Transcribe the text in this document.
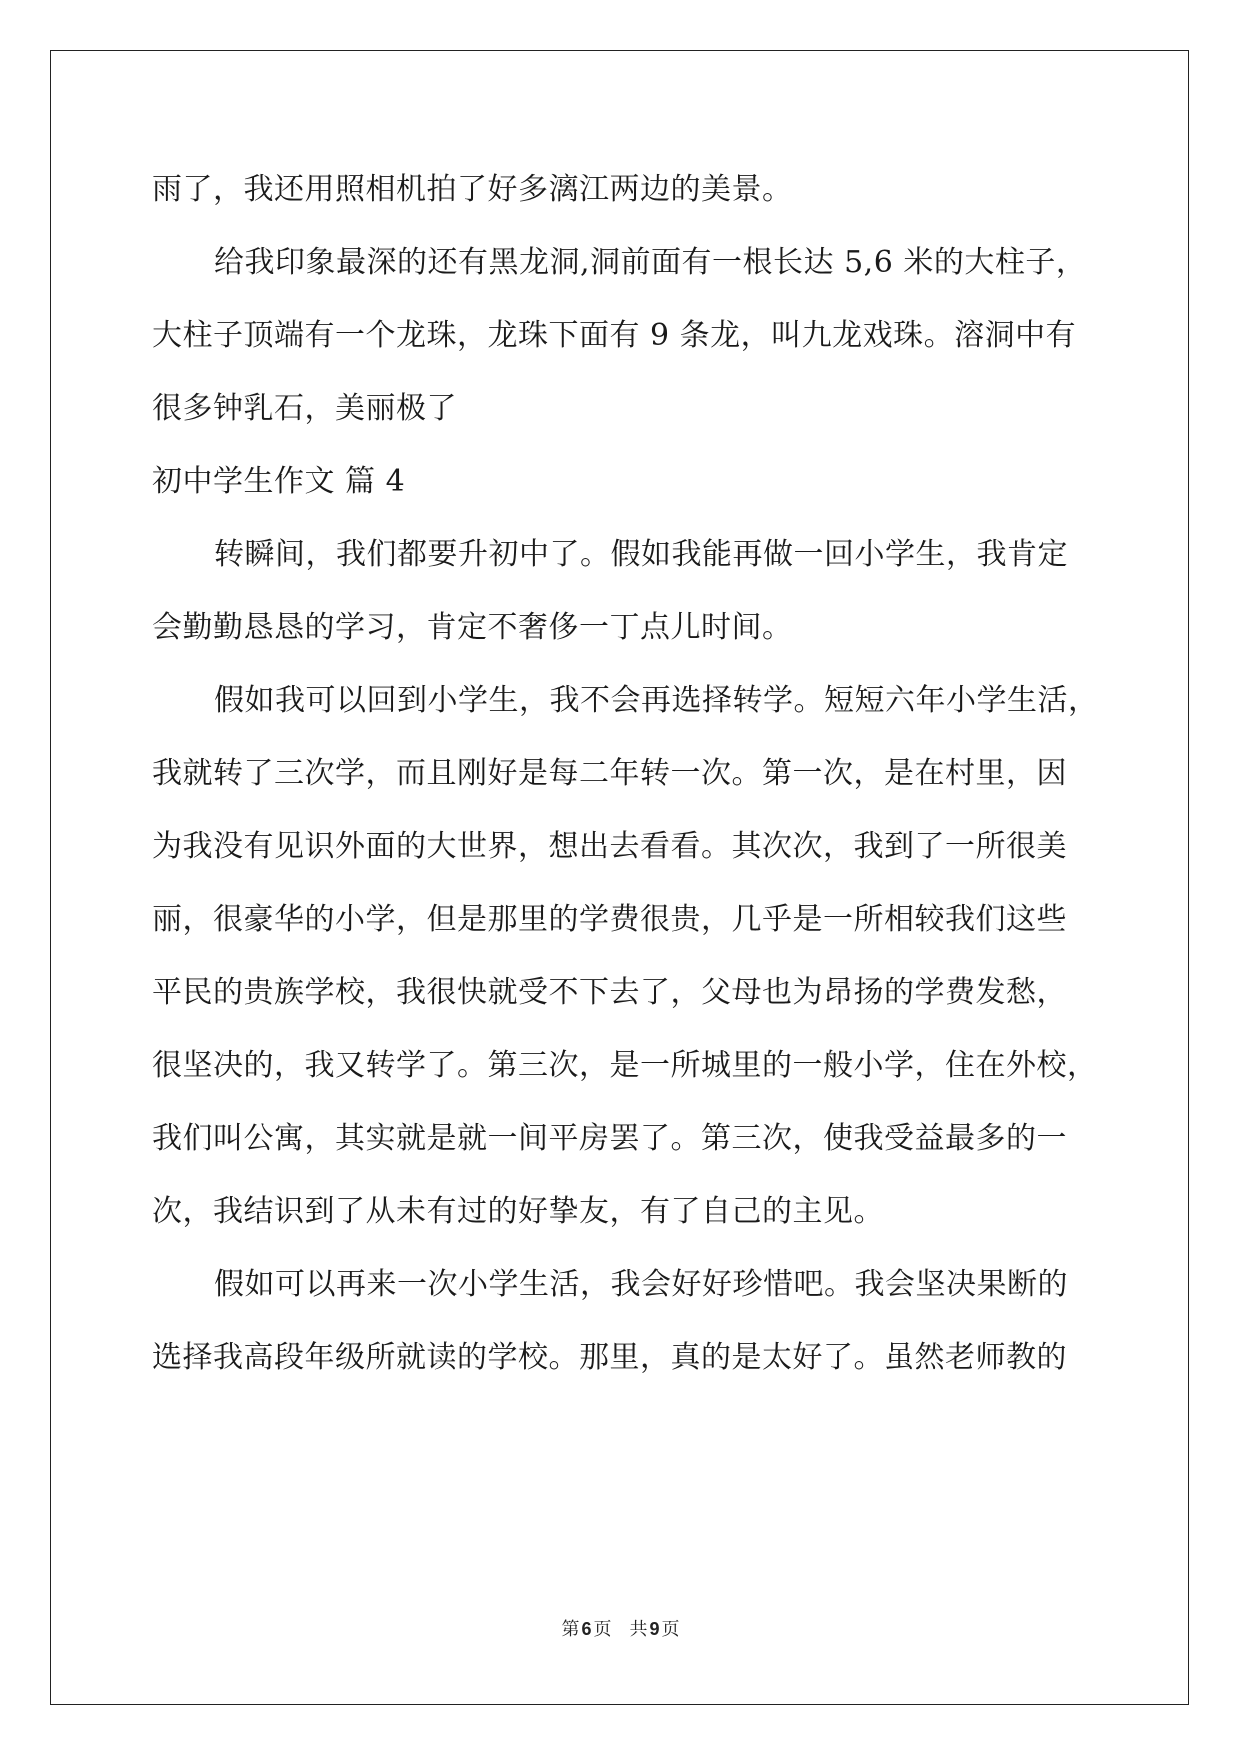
雨了，我还用照相机拍了好多漓江两边的美景。
给我印象最深的还有黑龙洞,洞前面有一根长达 5,6 米的大柱子，
大柱子顶端有一个龙珠，龙珠下面有 9 条龙，叫九龙戏珠。溶洞中有
很多钟乳石，美丽极了
初中学生作文 篇 4
转瞬间，我们都要升初中了。假如我能再做一回小学生，我肯定
会勤勤恳恳的学习，肯定不奢侈一丁点儿时间。
假如我可以回到小学生，我不会再选择转学。短短六年小学生活，
我就转了三次学，而且刚好是每二年转一次。第一次，是在村里，因
为我没有见识外面的大世界，想出去看看。其次次，我到了一所很美
丽，很豪华的小学，但是那里的学费很贵，几乎是一所相较我们这些
平民的贵族学校，我很快就受不下去了，父母也为昂扬的学费发愁，
很坚决的，我又转学了。第三次，是一所城里的一般小学，住在外校，
我们叫公寓，其实就是就一间平房罢了。第三次，使我受益最多的一
次，我结识到了从未有过的好挚友，有了自己的主见。
假如可以再来一次小学生活，我会好好珍惜吧。我会坚决果断的
选择我高段年级所就读的学校。那里，真的是太好了。虽然老师教的
第 6 页 共 9 页
